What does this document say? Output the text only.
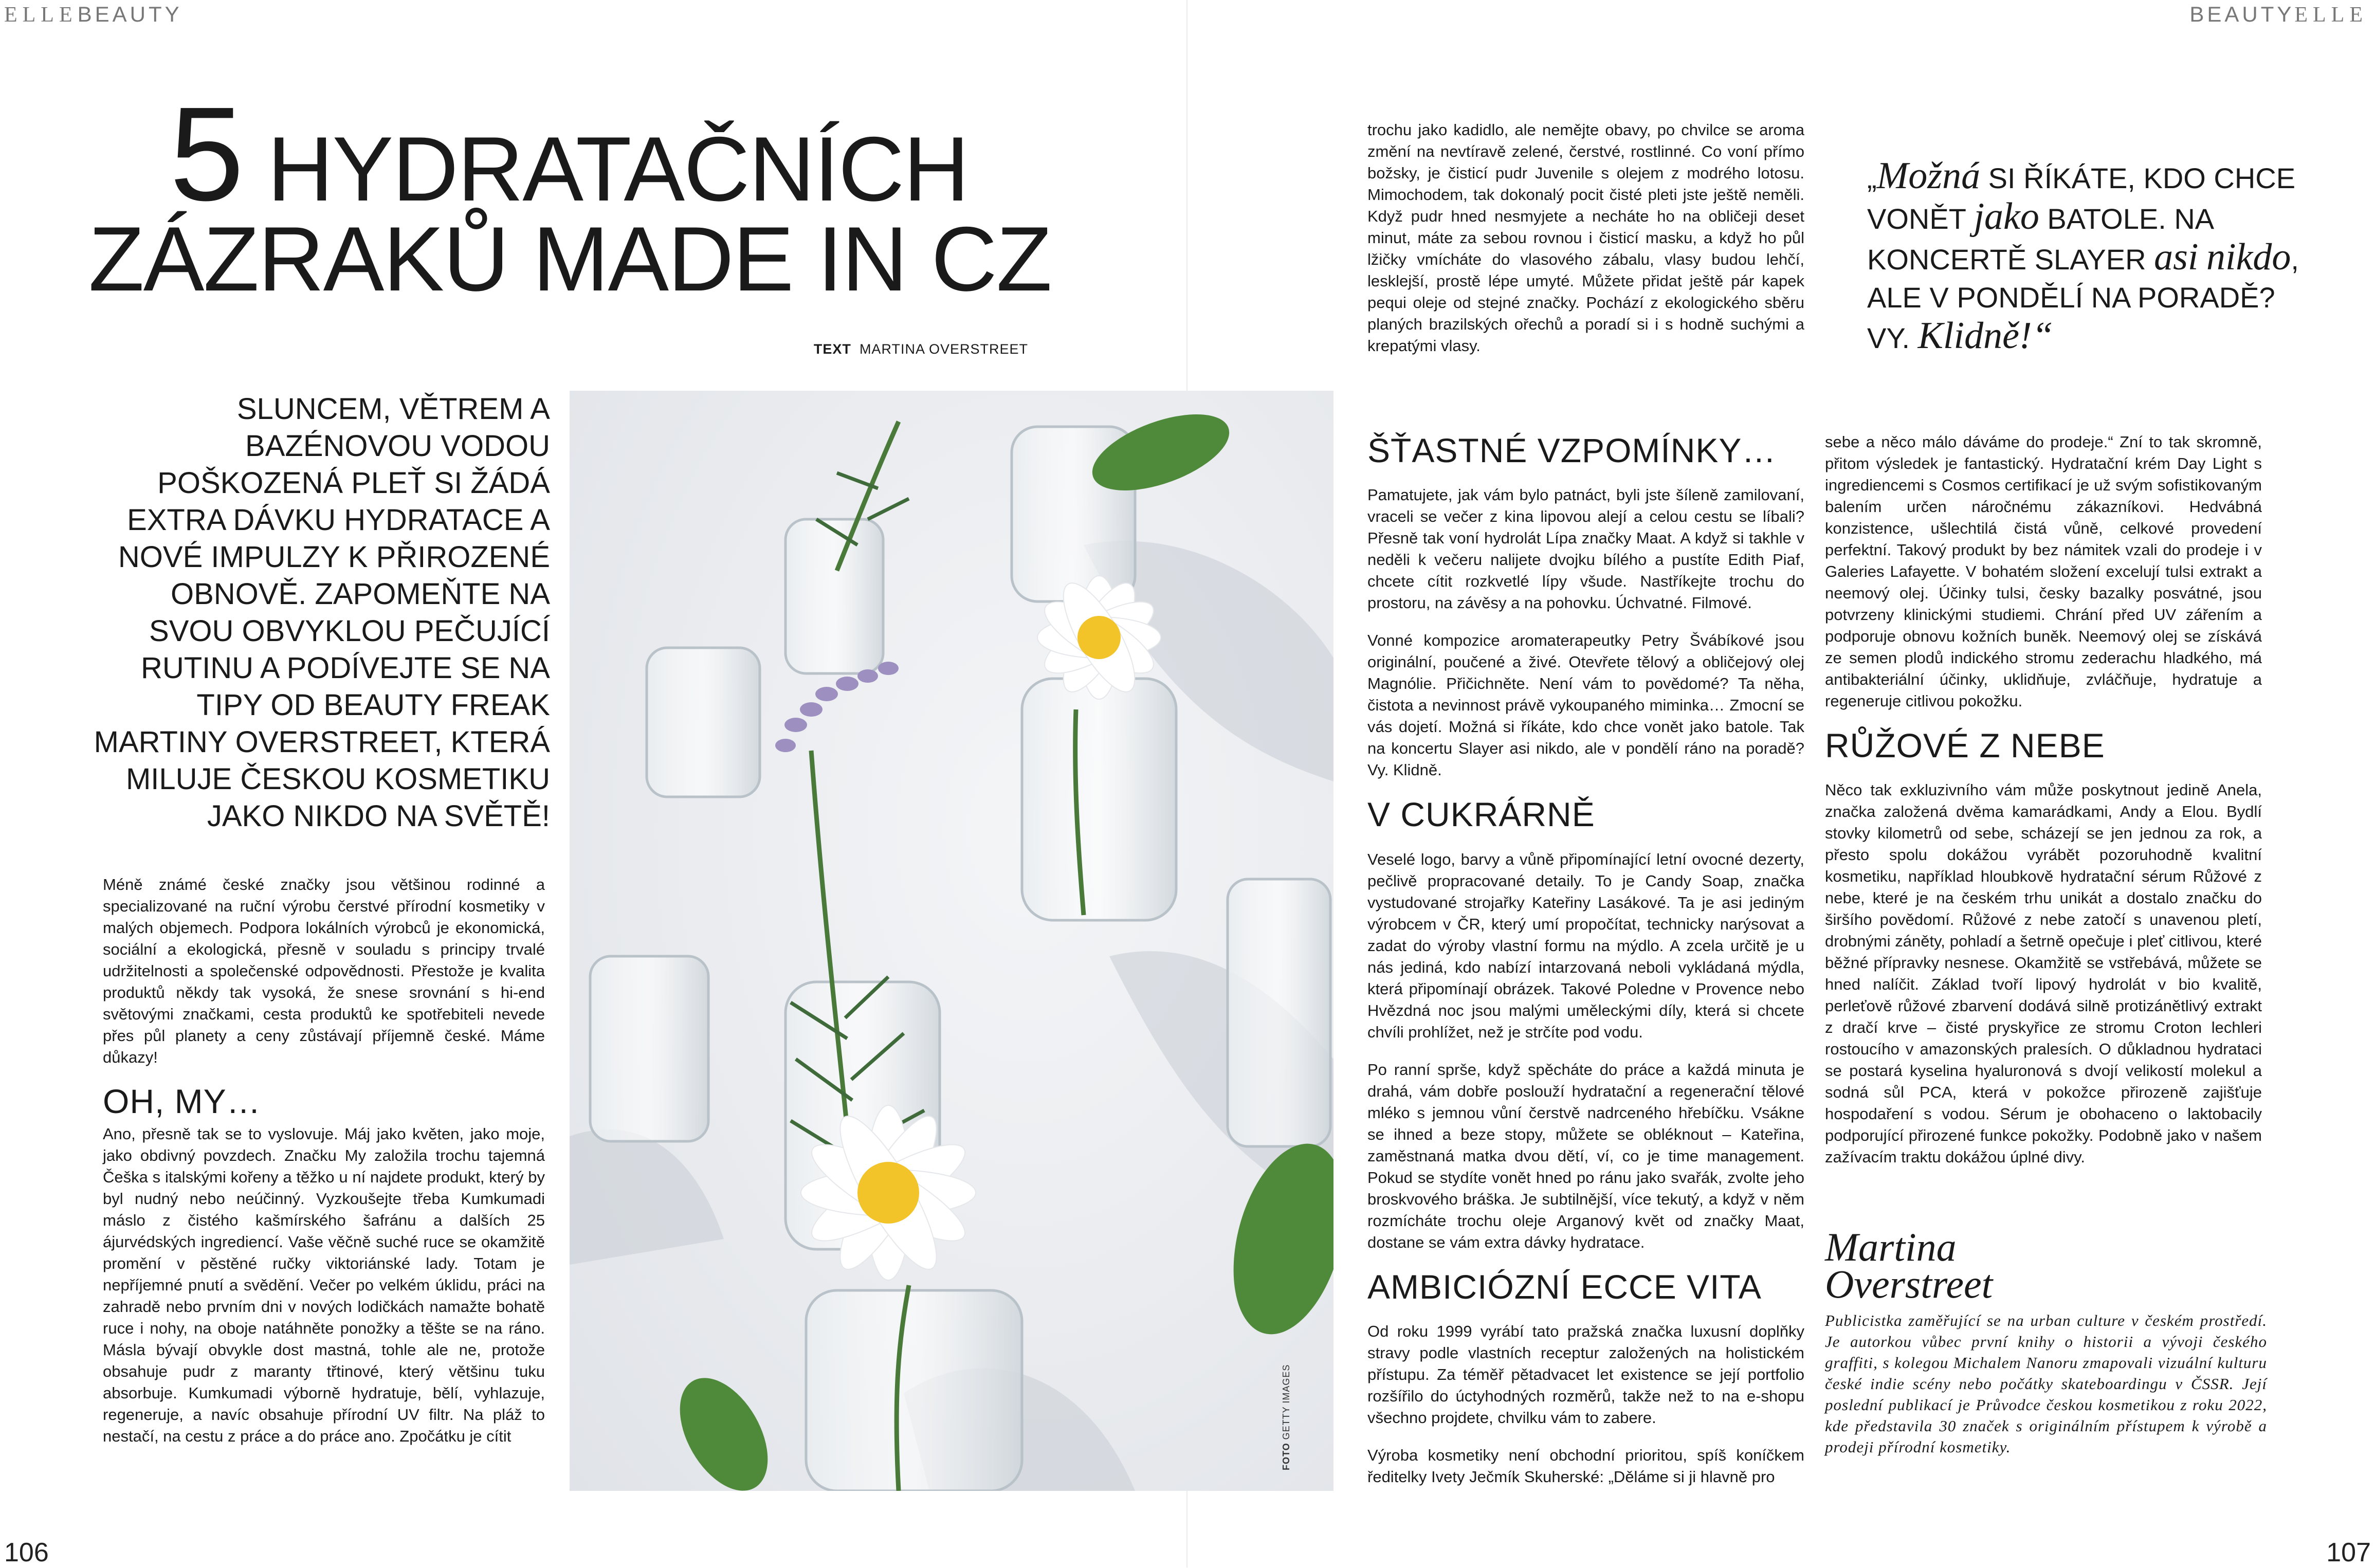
ELLEBEAUTY	BEAUTYELLE
5 HYDRATAČNÍCH
ZÁZRAKŮ MADE IN CZ
TEXT MARTINA OVERSTREET
SLUNCEM, VĚTREM A BAZÉNOVOU VODOU POŠKOZENÁ PLEŤ SI ŽÁDÁ EXTRA DÁVKU HYDRATACE A NOVÉ IMPULZY K PŘIROZENÉ OBNOVĚ. ZAPOMEŇTE NA SVOU OBVYKLOU PEČUJÍCÍ RUTINU A PODÍVEJTE SE NA TIPY OD BEAUTY FREAK MARTINY OVERSTREET, KTERÁ MILUJE ČESKOU KOSMETIKU JAKO NIKDO NA SVĚTĚ!
Méně známé české značky jsou většinou rodinné a specializované na ruční výrobu čerstvé přírodní kosmetiky v malých objemech. Podpora lokálních výrobců je ekonomická, sociální a ekologická, přesně v souladu s principy trvalé udržitelnosti a společenské odpovědnosti. Přestože je kvalita produktů někdy tak vysoká, že snese srovnání s hi-end světovými značkami, cesta produktů ke spotřebiteli nevede přes půl planety a ceny zůstávají příjemně české. Máme důkazy!
OH, MY…

Ano, přesně tak se to vyslovuje. Máj jako květen, jako moje, jako obdivný povzdech. Značku My založila trochu tajemná Češka s italskými kořeny a těžko u ní najdete produkt, který by byl nudný nebo neúčinný. Vyzkoušejte třeba Kumkumadi máslo z čistého kašmírského šafránu a dalších 25 ájurvédských ingrediencí. Vaše věčně suché ruce se okamžitě promění v pěstěné ručky viktoriánské lady. Totam je nepříjemné pnutí a svědění. Večer po velkém úklidu, práci na zahradě nebo prvním dni v nových lodičkách namažte bohatě ruce i nohy, na oboje natáhněte ponožky a těšte se na ráno. Másla bývají obvykle dost mastná, tohle ale ne, protože obsahuje pudr z maranty třtinové, který většinu tuku absorbuje. Kumkumadi výborně hydratuje, bělí, vyhlazuje, regeneruje, a navíc obsahuje přírodní UV filtr. Na pláž to nestačí, na cestu z práce a do práce ano. Zpočátku je cítit

FOTOGETTY IMAGES
trochu jako kadidlo, ale nemějte obavy, po chvilce se aroma změní na nevtíravě zelené, čerstvé, rostlinné. Co voní přímo božsky, je čisticí pudr Juvenile s olejem z modrého lotosu. Mimochodem, tak dokonalý pocit čisté pleti jste ještě neměli. Když pudr hned nesmyjete a necháte ho na obličeji deset minut, máte za sebou rovnou i čisticí masku, a když ho půl lžičky vmícháte do vlasového zábalu, vlasy budou lehčí, lesklejší, prostě lépe umyté. Můžete přidat ještě pár kapek pequi oleje od stejné značky. Pochází z ekologického sběru planých brazilských ořechů a poradí si i s hodně suchými a krepatými vlasy.
ŠŤASTNÉ VZPOMÍNKY…

Pamatujete, jak vám bylo patnáct, byli jste šíleně zamilovaní, vraceli se večer z kina lipovou alejí a celou cestu se líbali? Přesně tak voní hydrolát Lípa značky Maat. A když si takhle v neděli k večeru nalijete dvojku bílého a pustíte Edith Piaf, chcete cítit rozkvetlé lípy všude. Nastříkejte trochu do prostoru, na závěsy a na pohovku. Úchvatné. Filmové.

Vonné kompozice aromaterapeutky Petry Švábíkové jsou originální, poučené a živé. Otevřete tělový a obličejový olej Magnólie. Přičichněte. Není vám to povědomé? Ta něha, čistota a nevinnost právě vykoupaného miminka… Zmocní se vás dojetí. Možná si říkáte, kdo chce vonět jako batole. Tak na koncertu Slayer asi nikdo, ale v pondělí ráno na poradě? Vy. Klidně.

V CUKRÁRNĚ

Veselé logo, barvy a vůně připomínající letní ovocné dezerty, pečlivě propracované detaily. To je Candy Soap, značka vystudované strojařky Kateřiny Lasákové. Ta je asi jediným výrobcem v ČR, který umí propočítat, technicky narýsovat a zadat do výroby vlastní formu na mýdlo. A zcela určitě je u nás jediná, kdo nabízí intarzovaná neboli vykládaná mýdla, která připomínají obrázek. Takové Poledne v Provence nebo Hvězdná noc jsou malými uměleckými díly, která si chcete chvíli prohlížet, než je strčíte pod vodu.

Po ranní sprše, když spěcháte do práce a každá minuta je drahá, vám dobře poslouží hydratační a regenerační tělové mléko s jemnou vůní čerstvě nadrceného hřebíčku. Vsákne se ihned a beze stopy, můžete se obléknout – Kateřina, zaměstnaná matka dvou dětí, ví, co je time management. Pokud se stydíte vonět hned po ránu jako svařák, zvolte jeho broskvového bráška. Je subtilnější, více tekutý, a když v něm rozmícháte trochu oleje Arganový květ od značky Maat, dostane se vám extra dávky hydratace.

AMBICIÓZNÍ ECCE VITA

Od roku 1999 vyrábí tato pražská značka luxusní doplňky stravy podle vlastních receptur založených na holistickém přístupu. Za téměř pětadvacet let existence se její portfolio rozšířilo do úctyhodných rozměrů, takže než to na e-shopu všechno projdete, chvilku vám to zabere.

Výroba kosmetiky není obchodní prioritou, spíš koníčkem ředitelky Ivety Ječmík Skuherské: „Děláme si ji hlavně pro

„Možná SI ŘÍKÁTE, KDO CHCE VONĚT jako BATOLE. NA KONCERTĚ SLAYER asi nikdo, ALE V PONDĚLÍ NA PORADĚ? VY. Klidně!“

sebe a něco málo dáváme do prodeje.“ Zní to tak skromně, přitom výsledek je fantastický. Hydratační krém Day Light s ingrediencemi s Cosmos certifikací je už svým sofistikovaným balením určen náročnému zákazníkovi. Hedvábná konzistence, ušlechtilá čistá vůně, celkové provedení perfektní. Takový produkt by bez námitek vzali do prodeje i v Galeries Lafayette. V bohatém složení excelují tulsi extrakt a neemový olej. Účinky tulsi, česky bazalky posvátné, jsou potvrzeny klinickými studiemi. Chrání před UV zářením a podporuje obnovu kožních buněk. Neemový olej se získává ze semen plodů indického stromu zederachu hladkého, má antibakteriální účinky, uklidňuje, zvláčňuje, hydratuje a regeneruje citlivou pokožku.

RŮŽOVÉ Z NEBE

Něco tak exkluzivního vám může poskytnout jedině Anela, značka založená dvěma kamarádkami, Andy a Elou. Bydlí stovky kilometrů od sebe, scházejí se jen jednou za rok, a přesto spolu dokážou vyrábět pozoruhodně kvalitní kosmetiku, například hloubkově hydratační sérum Růžové z nebe, které je na českém trhu unikát a dostalo značku do širšího povědomí. Růžové z nebe zatočí s unavenou pletí, drobnými záněty, pohladí a šetrně opečuje i pleť citlivou, které běžné přípravky nesnese. Okamžitě se vstřebává, můžete se hned nalíčit. Základ tvoří lipový hydrolát v bio kvalitě, perleťově růžové zbarvení dodává silně protizánětlivý extrakt z dračí krve – čisté pryskyřice ze stromu Croton lechleri rostoucího v amazonských pralesích. O důkladnou hydrataci se postará kyselina hyaluronová s dvojí velikostí molekul a sodná sůl PCA, která v pokožce přirozeně zajišťuje hospodaření s vodou. Sérum je obohaceno o laktobacily podporující přirozené funkce pokožky. Podobně jako v našem zažívacím traktu dokážou úplné divy.

Martina
Overstreet
Publicistka zaměřující se na urban culture v českém prostředí. Je autorkou vůbec první knihy o historii a vývoji českého graffiti, s kolegou Michalem Nanoru zmapovali vizuální kulturu české indie scény nebo počátky skateboardingu v ČSSR. Její poslední publikací je Průvodce českou kosmetikou z roku 2022, kde představila 30 značek s originálním přístupem k výrobě a prodeji přírodní kosmetiky.
106	107
